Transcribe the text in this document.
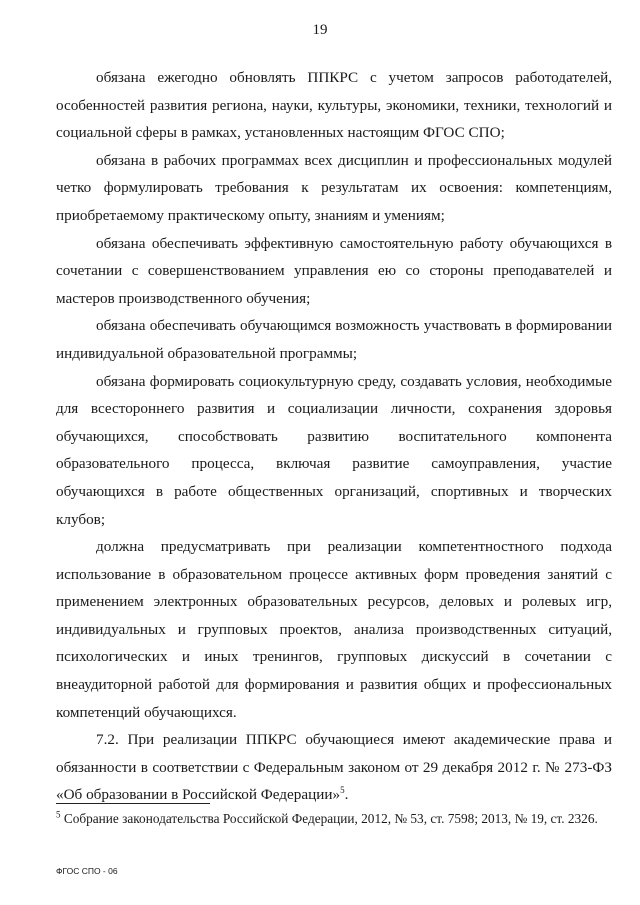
19

обязана ежегодно обновлять ППКРС с учетом запросов работодателей, особенностей развития региона, науки, культуры, экономики, техники, технологий и социальной сферы в рамках, установленных настоящим ФГОС СПО;

обязана в рабочих программах всех дисциплин и профессиональных модулей четко формулировать требования к результатам их освоения: компетенциям, приобретаемому практическому опыту, знаниям и умениям;

обязана обеспечивать эффективную самостоятельную работу обучающихся в сочетании с совершенствованием управления ею со стороны преподавателей и мастеров производственного обучения;

обязана обеспечивать обучающимся возможность участвовать в формировании индивидуальной образовательной программы;

обязана формировать социокультурную среду, создавать условия, необходимые для всестороннего развития и социализации личности, сохранения здоровья обучающихся, способствовать развитию воспитательного компонента образовательного процесса, включая развитие самоуправления, участие обучающихся в работе общественных организаций, спортивных и творческих клубов;

должна предусматривать при реализации компетентностного подхода использование в образовательном процессе активных форм проведения занятий с применением электронных образовательных ресурсов, деловых и ролевых игр, индивидуальных и групповых проектов, анализа производственных ситуаций, психологических и иных тренингов, групповых дискуссий в сочетании с внеаудиторной работой для формирования и развития общих и профессиональных компетенций обучающихся.

7.2. При реализации ППКРС обучающиеся имеют академические права и обязанности в соответствии с Федеральным законом от 29 декабря 2012 г. № 273-ФЗ «Об образовании в Российской Федерации»$^5$.

$^5$ Собрание законодательства Российской Федерации, 2012, № 53, ст. 7598; 2013, № 19, ст. 2326.
ФГОС СПО - 06
